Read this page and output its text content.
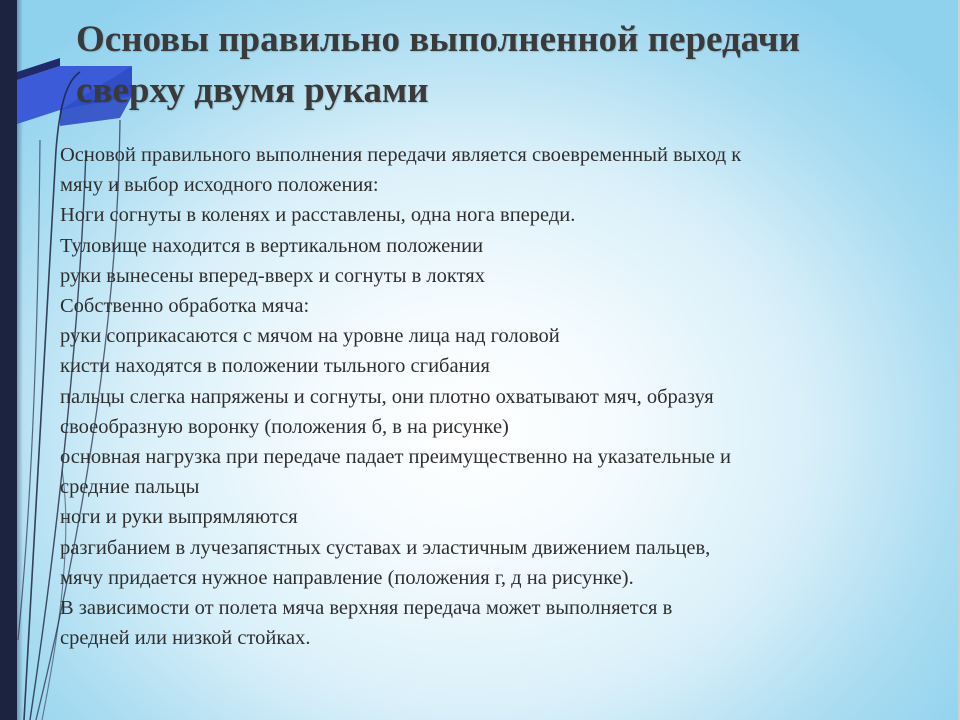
Основы правильно выполненной передачи
сверху двумя руками
Основой правильного выполнения передачи является своевременный выход к
мячу и выбор исходного положения:
Ноги согнуты в коленях и расставлены, одна нога впереди.
Туловище находится в вертикальном положении
руки вынесены вперед-вверх и согнуты в локтях
Собственно обработка мяча:
руки соприкасаются с мячом на уровне лица над головой
кисти находятся в положении тыльного сгибания
пальцы слегка напряжены и согнуты, они плотно охватывают мяч, образуя
своеобразную воронку (положения б, в на рисунке)
основная нагрузка при передаче падает преимущественно на указательные и
средние пальцы
ноги и руки выпрямляются
разгибанием в лучезапястных суставах и эластичным движением пальцев,
мячу придается нужное направление (положения г, д на рисунке).
В зависимости от полета мяча верхняя передача может выполняется в
средней или низкой стойках.
